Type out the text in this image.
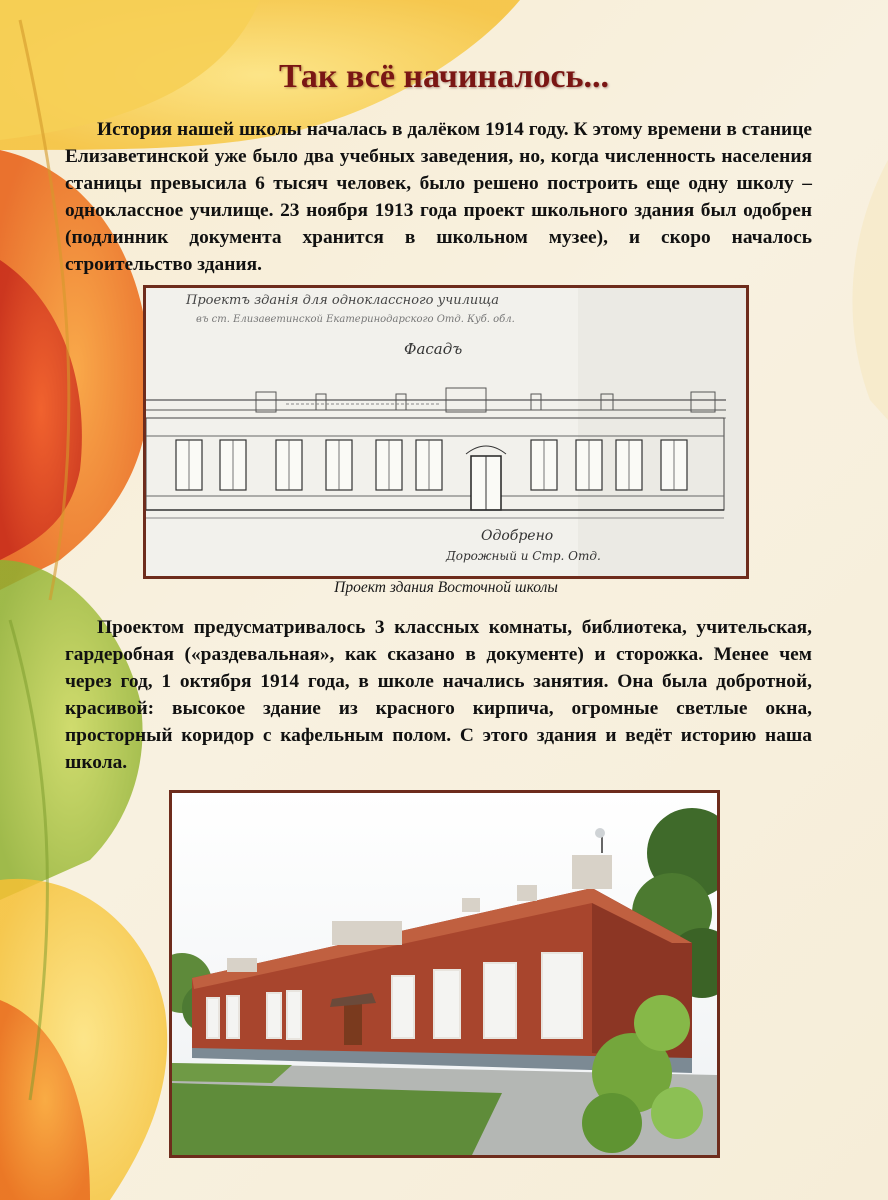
Так всё начиналось...

История нашей школы началась в далёком 1914 году. К этому времени в станице Елизаветинской уже было два учебных заведения, но, когда численность населения станицы превысила 6 тысяч человек, было решено построить еще одну школу – одноклассное училище. 23 ноября 1913 года проект школьного здания был одобрен (подлинник документа хранится в школьном музее), и скоро началось строительство здания.

Проектъ зданiя для одноклассного училища
въ ст. Елизаветинской Екатеринодарского Отд. Куб. обл.
Фасадъ
Одобрено
Дорожный и Стр. Отд.
Проект здания Восточной школы

Проектом предусматривалось 3 классных комнаты, библиотека, учительская, гардеробная («раздевальная», как сказано в документе) и сторожка. Менее чем через год, 1 октября 1914 года, в школе начались занятия. Она была добротной, красивой: высокое здание из красного кирпича, огромные светлые окна, просторный коридор с кафельным полом. С этого здания и ведёт историю наша школа.
